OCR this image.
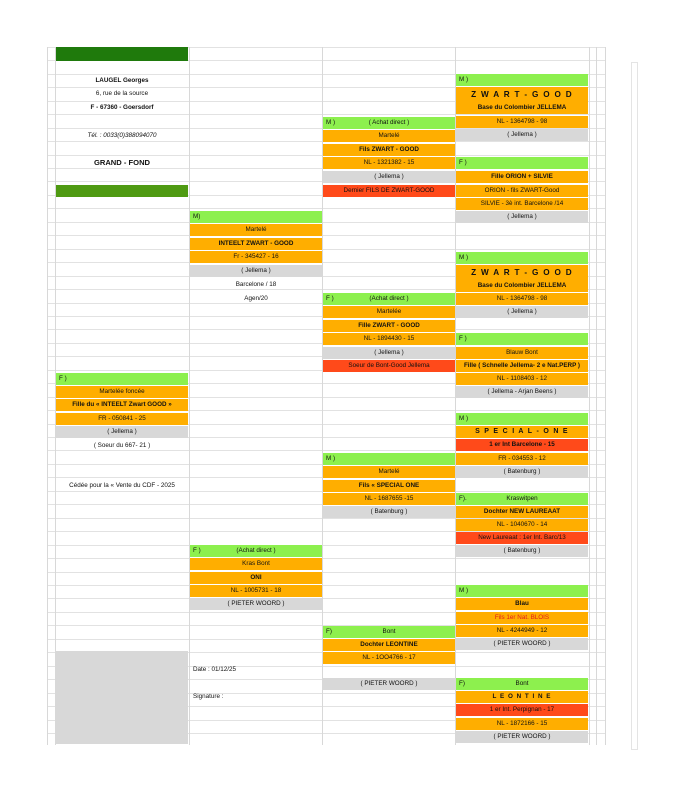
LAUGEL Georges
6, rue de la source
F - 67360 - Goersdorf
Tél. : 0033(0)388094070
GRAND - FOND
F )
Martelée foncée
Fille du « INTEELT Zwart GOOD »
FR - 050841 - 25
( Jellema )
( Soeur du 667- 21 )
Cédée pour la « Vente du CDF - 2025
Date : 01/12/25
Signature :
M)
Martelé
INTEELT ZWART - GOOD
Fr - 345427 - 16
( Jellema )
Barcelone / 18
Agen/20
F )	(Achat direct )
Kras Bont
ONI
NL - 1005731 - 18
( PIETER WOORD )
M )	( Achat direct )
Martelé
Fils ZWART - GOOD
NL - 1321382 - 15
( Jellema )
Dernier FILS DE ZWART-GOOD
F )	(Achat direct )
Martelée
Fille ZWART - GOOD
NL - 1894430 - 15
( Jellema )
Soeur de Bont-Good Jellema
M )
Martelé
Fils « SPECIAL ONE
NL - 1687655 -15
( Batenburg )
F)	Bont
Dochter LEONTINE
NL - 1OO4766 - 17
( PIETER WOORD )
M )
Z W A R T - G O O D
Base du Colombier JELLEMA
NL - 1364798 - 98
( Jellema )
F )
Fille ORION + SILVIE
ORION - fils ZWART-Good
SILVIE - 3è int. Barcelone /14
( Jellema )
M )
Z W A R T - G O O D
Base du Colombier JELLEMA
NL - 1364798 - 98
( Jellema )
F )
Blauw Bont
Fille ( Schnelle Jellema- 2 e Nat.PERP )
NL - 1108403 - 12
( Jellema - Arjan Beens )
M )
S P E C I A L - O N E
1 er Int Barcelone - 15
FR - 034553 - 12
( Batenburg )
F).	Kraswitpen
Dochter NEW LAUREAAT
NL - 1040670 - 14
New Laureaat : 1er Int. Barc/13
( Batenburg )
M )
Blau
Fils 1er Nat. BLOIS
NL - 4244949 - 12
( PIETER WOORD )
F)	Bont
L E O N T I N E
1 er Int. Perpignan - 17
NL - 1872166 - 15
( PIETER WOORD )
